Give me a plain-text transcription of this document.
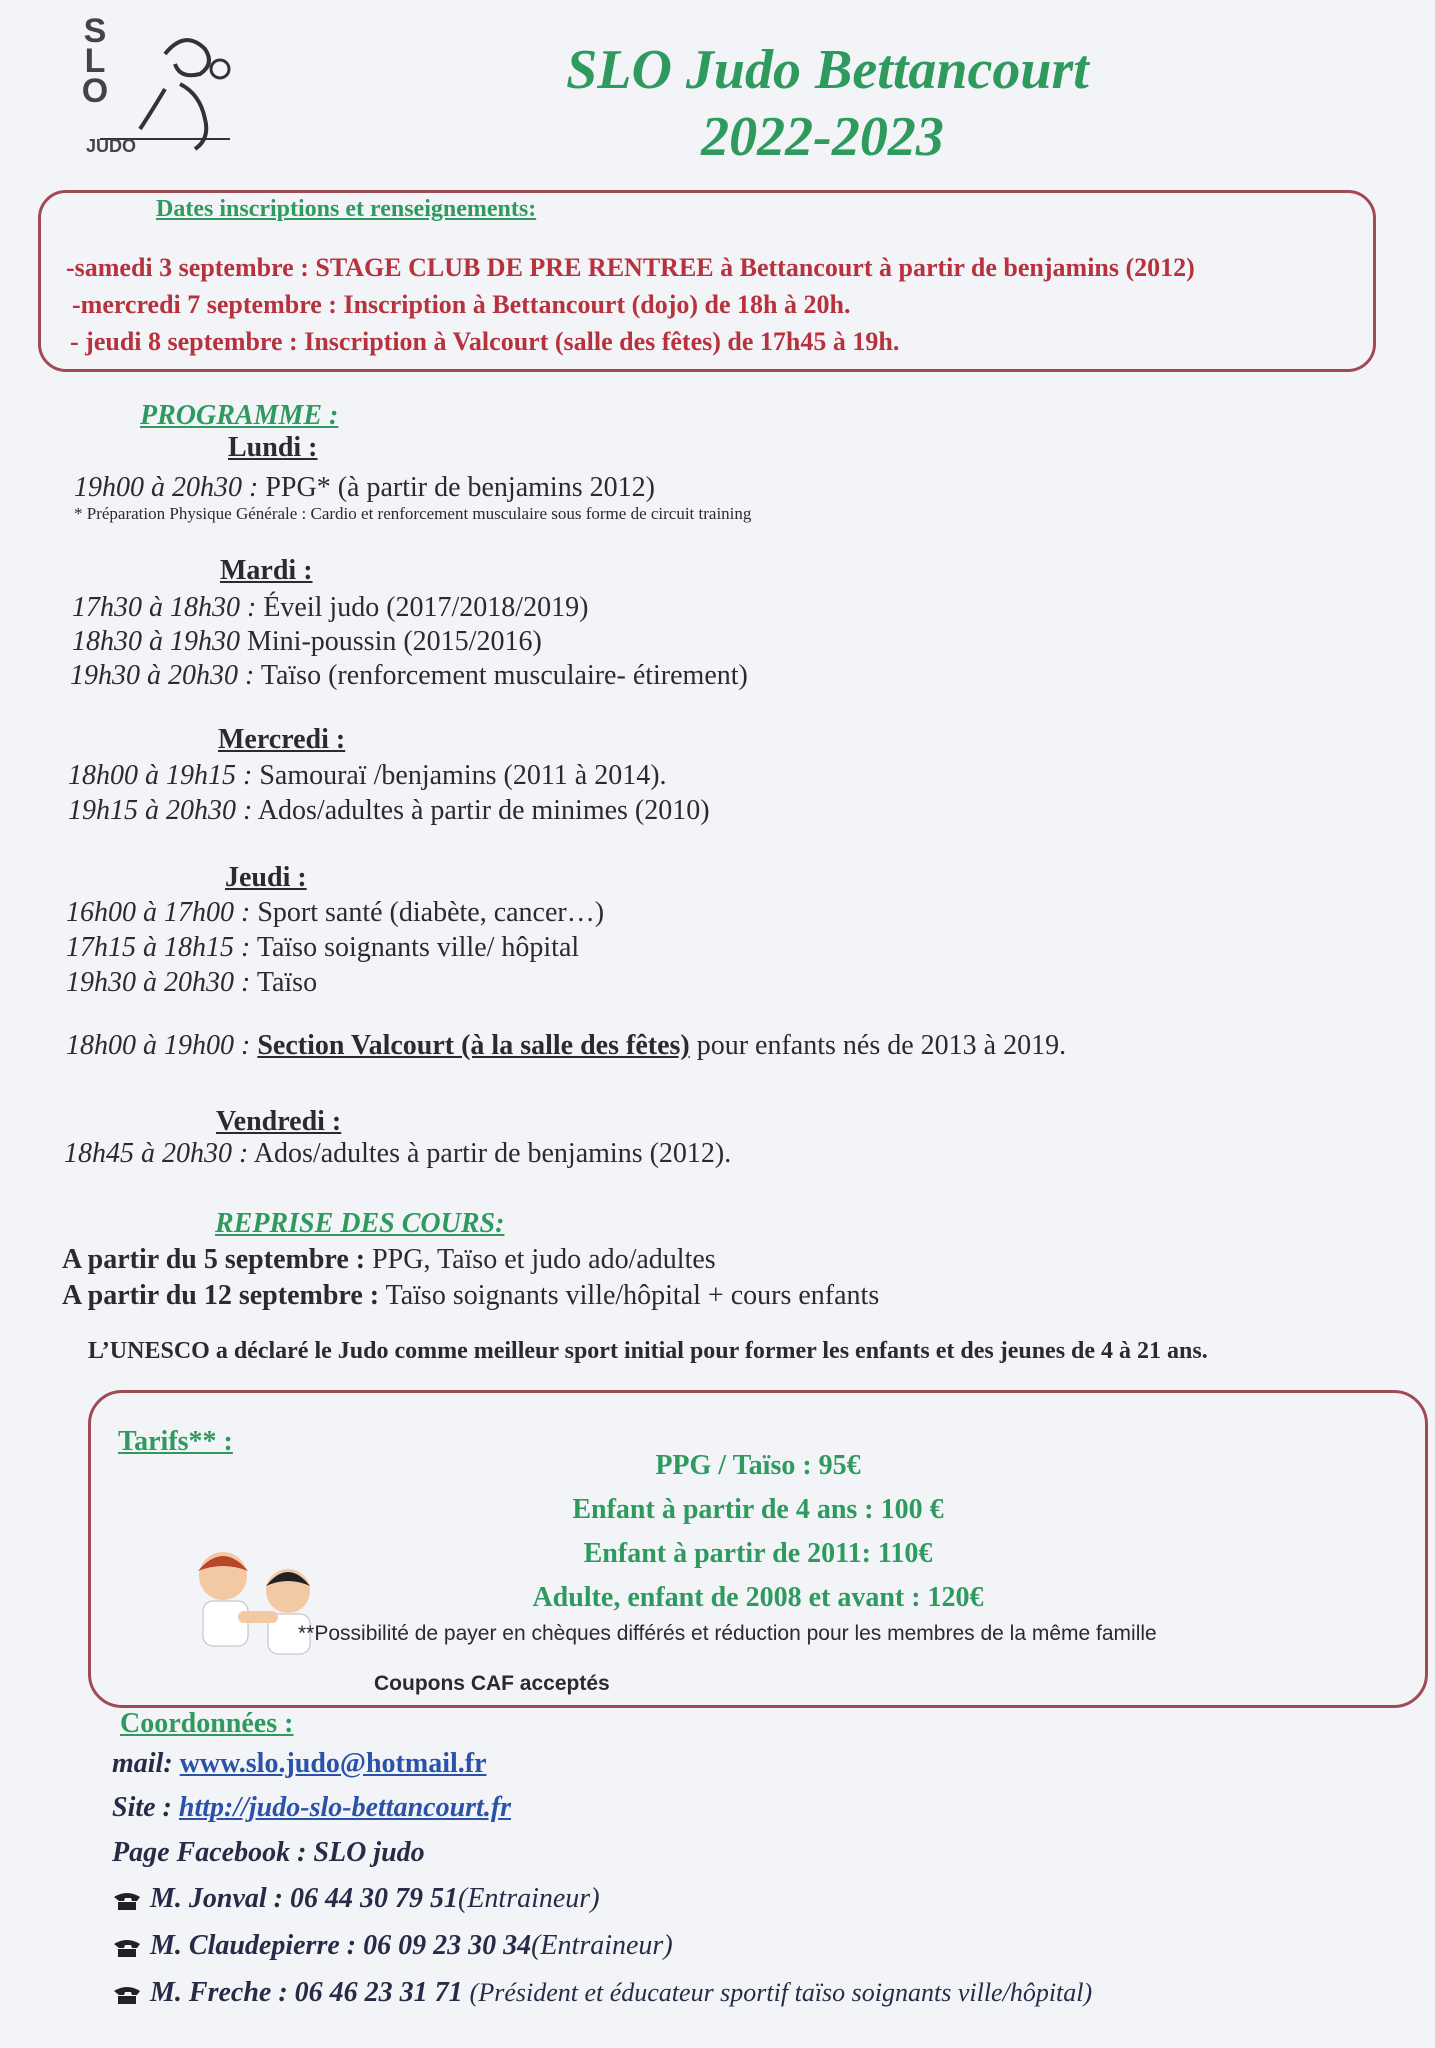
SLO
JUDO
SLO Judo Bettancourt
2022-2023
Dates inscriptions et renseignements:
-samedi 3 septembre : STAGE CLUB DE PRE RENTREE à Bettancourt à partir de benjamins (2012)
-mercredi 7 septembre : Inscription à Bettancourt (dojo) de 18h à 20h.
- jeudi 8 septembre : Inscription à Valcourt (salle des fêtes) de 17h45 à 19h.
PROGRAMME :
Lundi :
19h00 à 20h30 : PPG* (à partir de benjamins 2012)
* Préparation Physique Générale : Cardio et renforcement musculaire sous forme de circuit training
Mardi :
17h30 à 18h30 : Éveil judo (2017/2018/2019)
18h30 à 19h30 Mini-poussin (2015/2016)
19h30 à 20h30 : Taïso (renforcement musculaire- étirement)
Mercredi :
18h00 à 19h15 : Samouraï /benjamins (2011 à 2014).
19h15 à 20h30 : Ados/adultes à partir de minimes (2010)
Jeudi :
16h00 à 17h00 : Sport santé (diabète, cancer…)
17h15 à 18h15 : Taïso soignants ville/ hôpital
19h30 à 20h30 : Taïso
18h00 à 19h00 : Section Valcourt (à la salle des fêtes) pour enfants nés de 2013 à 2019.
Vendredi :
18h45 à 20h30 : Ados/adultes à partir de benjamins (2012).
REPRISE DES COURS:
A partir du 5 septembre : PPG, Taïso et judo ado/adultes
A partir du 12 septembre : Taïso soignants ville/hôpital + cours enfants
L’UNESCO a déclaré le Judo comme meilleur sport initial pour former les enfants et des jeunes de 4 à 21 ans.
Tarifs** :
PPG / Taïso : 95€
Enfant à partir de 4 ans : 100 €
Enfant à partir de 2011: 110€
Adulte, enfant de 2008 et avant : 120€
**Possibilité de payer en chèques différés et réduction pour les membres de la même famille
Coupons CAF acceptés
Coordonnées :
mail: www.slo.judo@hotmail.fr
Site : http://judo-slo-bettancourt.fr
Page Facebook : SLO judo
M. Jonval : 06 44 30 79 51(Entraineur)
M. Claudepierre : 06 09 23 30 34(Entraineur)
M. Freche : 06 46 23 31 71 (Président et éducateur sportif taïso soignants ville/hôpital)
